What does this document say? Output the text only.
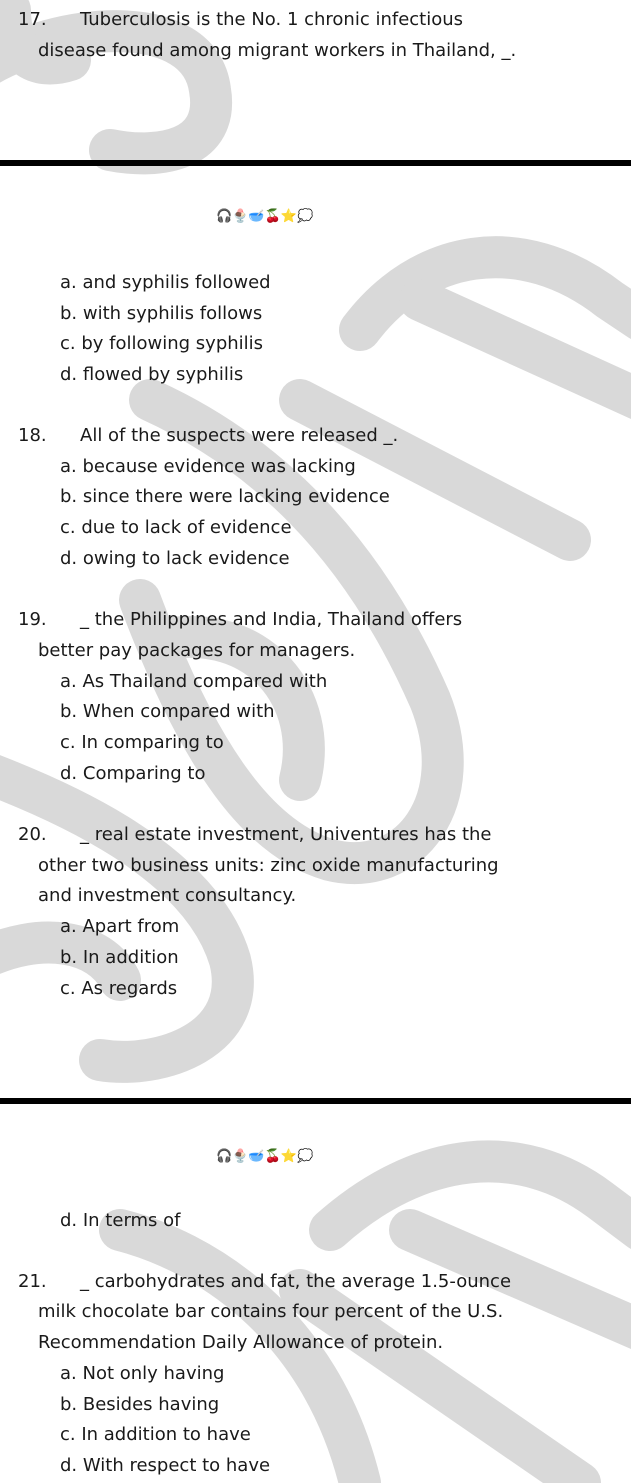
17. Tuberculosis is the No. 1 chronic infectious
disease found among migrant workers in Thailand, _.
🎧 🍨 🥣 🍒 ⭐ 💭
a. and syphilis followed
b. with syphilis follows
c. by following syphilis
d. flowed by syphilis
18. All of the suspects were released _.
a. because evidence was lacking
b. since there were lacking evidence
c. due to lack of evidence
d. owing to lack evidence
19. _ the Philippines and India, Thailand offers
better pay packages for managers.
a. As Thailand compared with
b. When compared with
c. In comparing to
d. Comparing to
20. _ real estate investment, Univentures has the
other two business units: zinc oxide manufacturing
and investment consultancy.
a. Apart from
b. In addition
c. As regards
🎧 🍨 🥣 🍒 ⭐ 💭
d. In terms of
21. _ carbohydrates and fat, the average 1.5-ounce
milk chocolate bar contains four percent of the U.S.
Recommendation Daily Allowance of protein.
a. Not only having
b. Besides having
c. In addition to have
d. With respect to have
